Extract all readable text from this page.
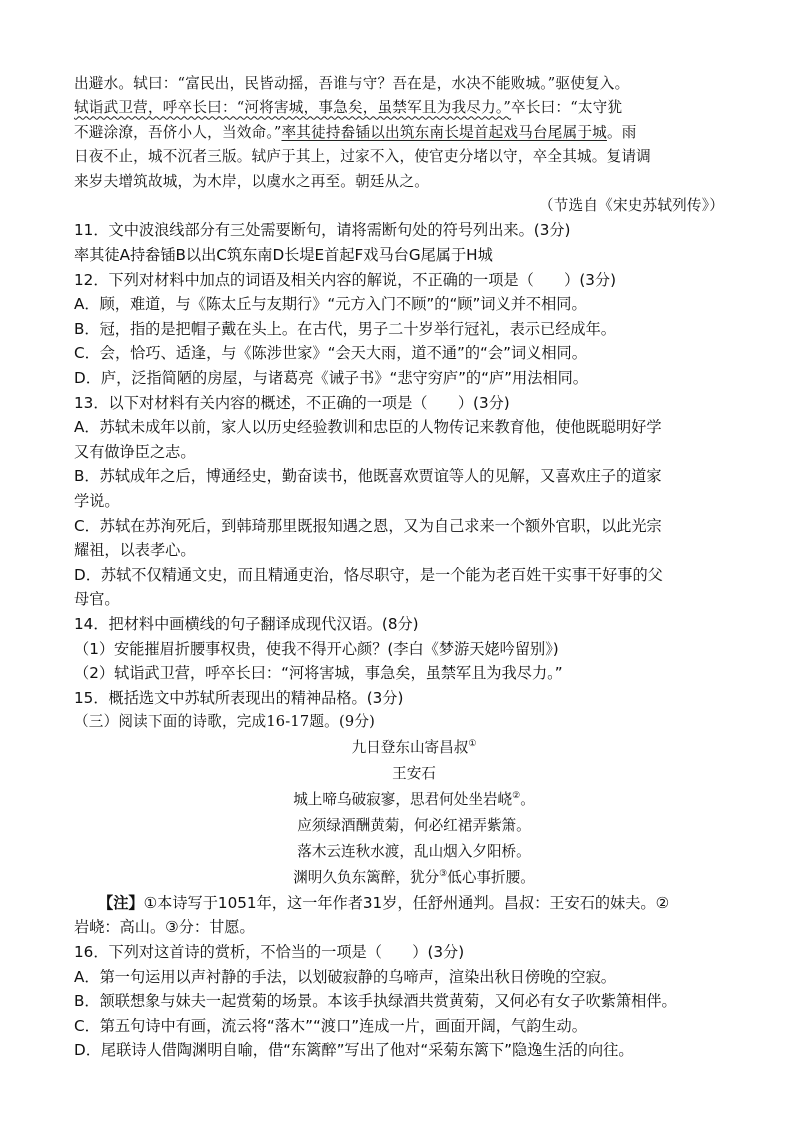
出避水。轼曰：“富民出，民皆动摇，吾谁与守？吾在是，水决不能败城。”驱使复入。
轼诣武卫营，呼卒长曰：“河将害城，事急矣，虽禁军且为我尽力。”卒长曰：“太守犹
不避涂潦，吾侪小人，当效命。”率其徒持畚锸以出筑东南长堤首起戏马台尾属于城。雨
日夜不止，城不沉者三版。轼庐于其上，过家不入，使官吏分堵以守，卒全其城。复请调
来岁夫增筑故城，为木岸，以虞水之再至。朝廷从之。
（节选自《宋史苏轼列传》）
11．文中波浪线部分有三处需要断句，请将需断句处的符号列出来。(3分)
率其徒A持畚锸B以出C筑东南D长堤E首起F戏马台G尾属于H城
12．下列对材料中加点的词语及相关内容的解说，不正确的一项是（　　）(3分)
A．顾，难道，与《陈太丘与友期行》“元方入门不顾”的“顾”词义并不相同。
B．冠，指的是把帽子戴在头上。在古代，男子二十岁举行冠礼，表示已经成年。
C．会，恰巧、适逢，与《陈涉世家》“会天大雨，道不通”的“会”词义相同。
D．庐，泛指简陋的房屋，与诸葛亮《诫子书》“悲守穷庐”的“庐”用法相同。
13．以下对材料有关内容的概述，不正确的一项是（　　）(3分)
A．苏轼未成年以前，家人以历史经验教训和忠臣的人物传记来教育他，使他既聪明好学
又有做诤臣之志。
B．苏轼成年之后，博通经史，勤奋读书，他既喜欢贾谊等人的见解，又喜欢庄子的道家
学说。
C．苏轼在苏洵死后，到韩琦那里既报知遇之恩，又为自己求来一个额外官职，以此光宗
耀祖，以表孝心。
D．苏轼不仅精通文史，而且精通吏治，恪尽职守，是一个能为老百姓干实事干好事的父
母官。
14．把材料中画横线的句子翻译成现代汉语。(8分)
（1）安能摧眉折腰事权贵，使我不得开心颜？(李白《梦游天姥吟留别》)
（2）轼诣武卫营，呼卒长曰：“河将害城，事急矣，虽禁军且为我尽力。”
15．概括选文中苏轼所表现出的精神品格。(3分)
（三）阅读下面的诗歌，完成16-17题。(9分)
九日登东山寄昌叔①
王安石
城上啼乌破寂寥，思君何处坐岩峣②。
应须绿酒酬黄菊，何必红裙弄紫箫。
落木云连秋水渡，乱山烟入夕阳桥。
渊明久负东篱醉，犹分③低心事折腰。
【注】①本诗写于1051年，这一年作者31岁，任舒州通判。昌叔：王安石的妹夫。②
岩峣：高山。③分：甘愿。
16．下列对这首诗的赏析，不恰当的一项是（　　）(3分)
A．第一句运用以声衬静的手法，以划破寂静的乌啼声，渲染出秋日傍晚的空寂。
B．颔联想象与妹夫一起赏菊的场景。本该手执绿酒共赏黄菊，又何必有女子吹紫箫相伴。
C．第五句诗中有画，流云将“落木”“渡口”连成一片，画面开阔，气韵生动。
D．尾联诗人借陶渊明自喻，借“东篱醉”写出了他对“采菊东篱下”隐逸生活的向往。
